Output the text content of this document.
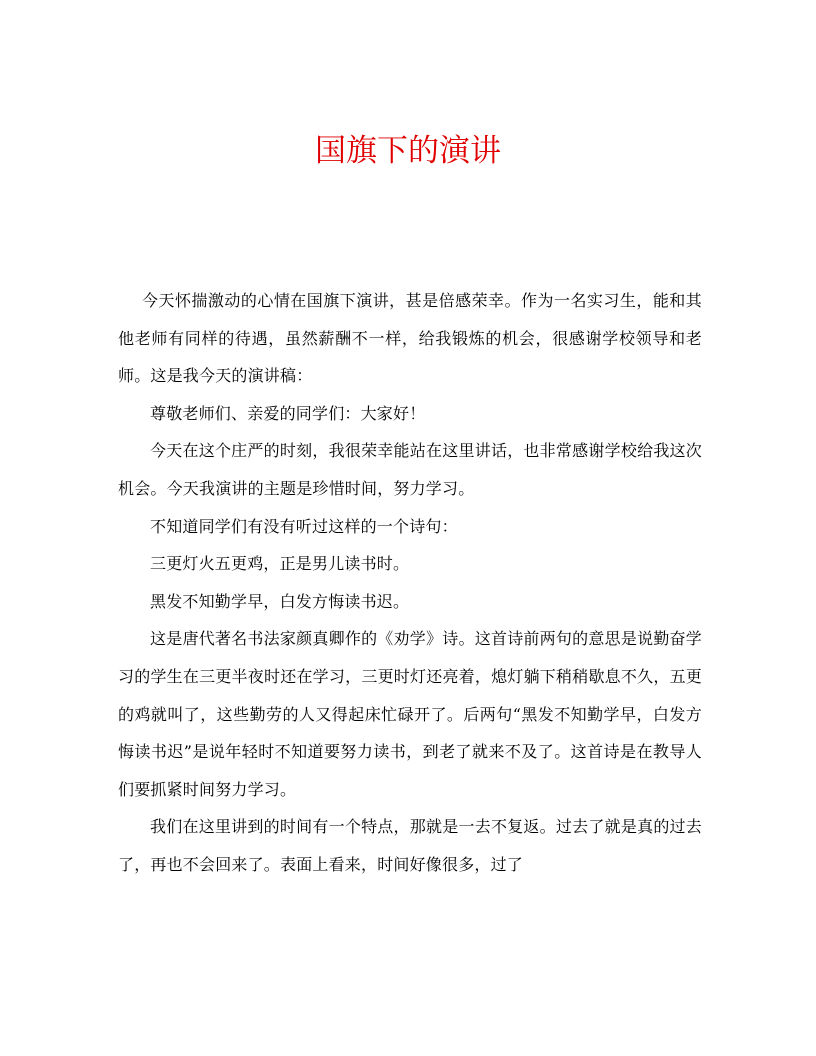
国旗下的演讲

今天怀揣激动的心情在国旗下演讲，甚是倍感荣幸。作为一名实习生，能和其他老师有同样的待遇，虽然薪酬不一样，给我锻炼的机会，很感谢学校领导和老师。这是我今天的演讲稿：

尊敬老师们、亲爱的同学们：大家好！

今天在这个庄严的时刻，我很荣幸能站在这里讲话，也非常感谢学校给我这次机会。今天我演讲的主题是珍惜时间，努力学习。

不知道同学们有没有听过这样的一个诗句：

三更灯火五更鸡，正是男儿读书时。

黑发不知勤学早，白发方悔读书迟。

这是唐代著名书法家颜真卿作的《劝学》诗。这首诗前两句的意思是说勤奋学习的学生在三更半夜时还在学习，三更时灯还亮着，熄灯躺下稍稍歇息不久，五更的鸡就叫了，这些勤劳的人又得起床忙碌开了。后两句“黑发不知勤学早，白发方悔读书迟”是说年轻时不知道要努力读书，到老了就来不及了。这首诗是在教导人们要抓紧时间努力学习。

我们在这里讲到的时间有一个特点，那就是一去不复返。过去了就是真的过去了，再也不会回来了。表面上看来，时间好像很多，过了
